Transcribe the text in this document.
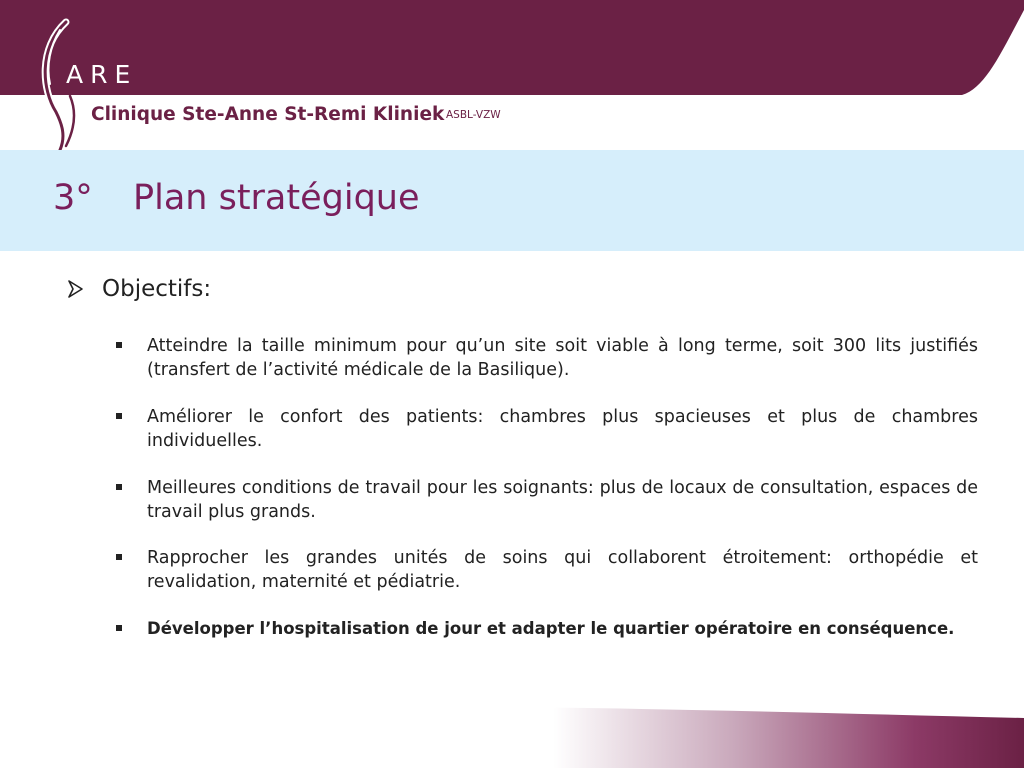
ARE
Clinique Ste-Anne St-Remi Kliniek ASBL-VZW
3° Plan stratégique
Objectifs:
Atteindre la taille minimum pour qu’un site soit viable à long terme, soit 300 lits justifiés (transfert de l’activité médicale de la Basilique).
Améliorer le confort des patients: chambres plus spacieuses et plus de chambres individuelles.
Meilleures conditions de travail pour les soignants: plus de locaux de consultation, espaces de travail plus grands.
Rapprocher les grandes unités de soins qui collaborent étroitement: orthopédie et revalidation, maternité et pédiatrie.
Développer l’hospitalisation de jour et adapter le quartier opératoire en conséquence.
